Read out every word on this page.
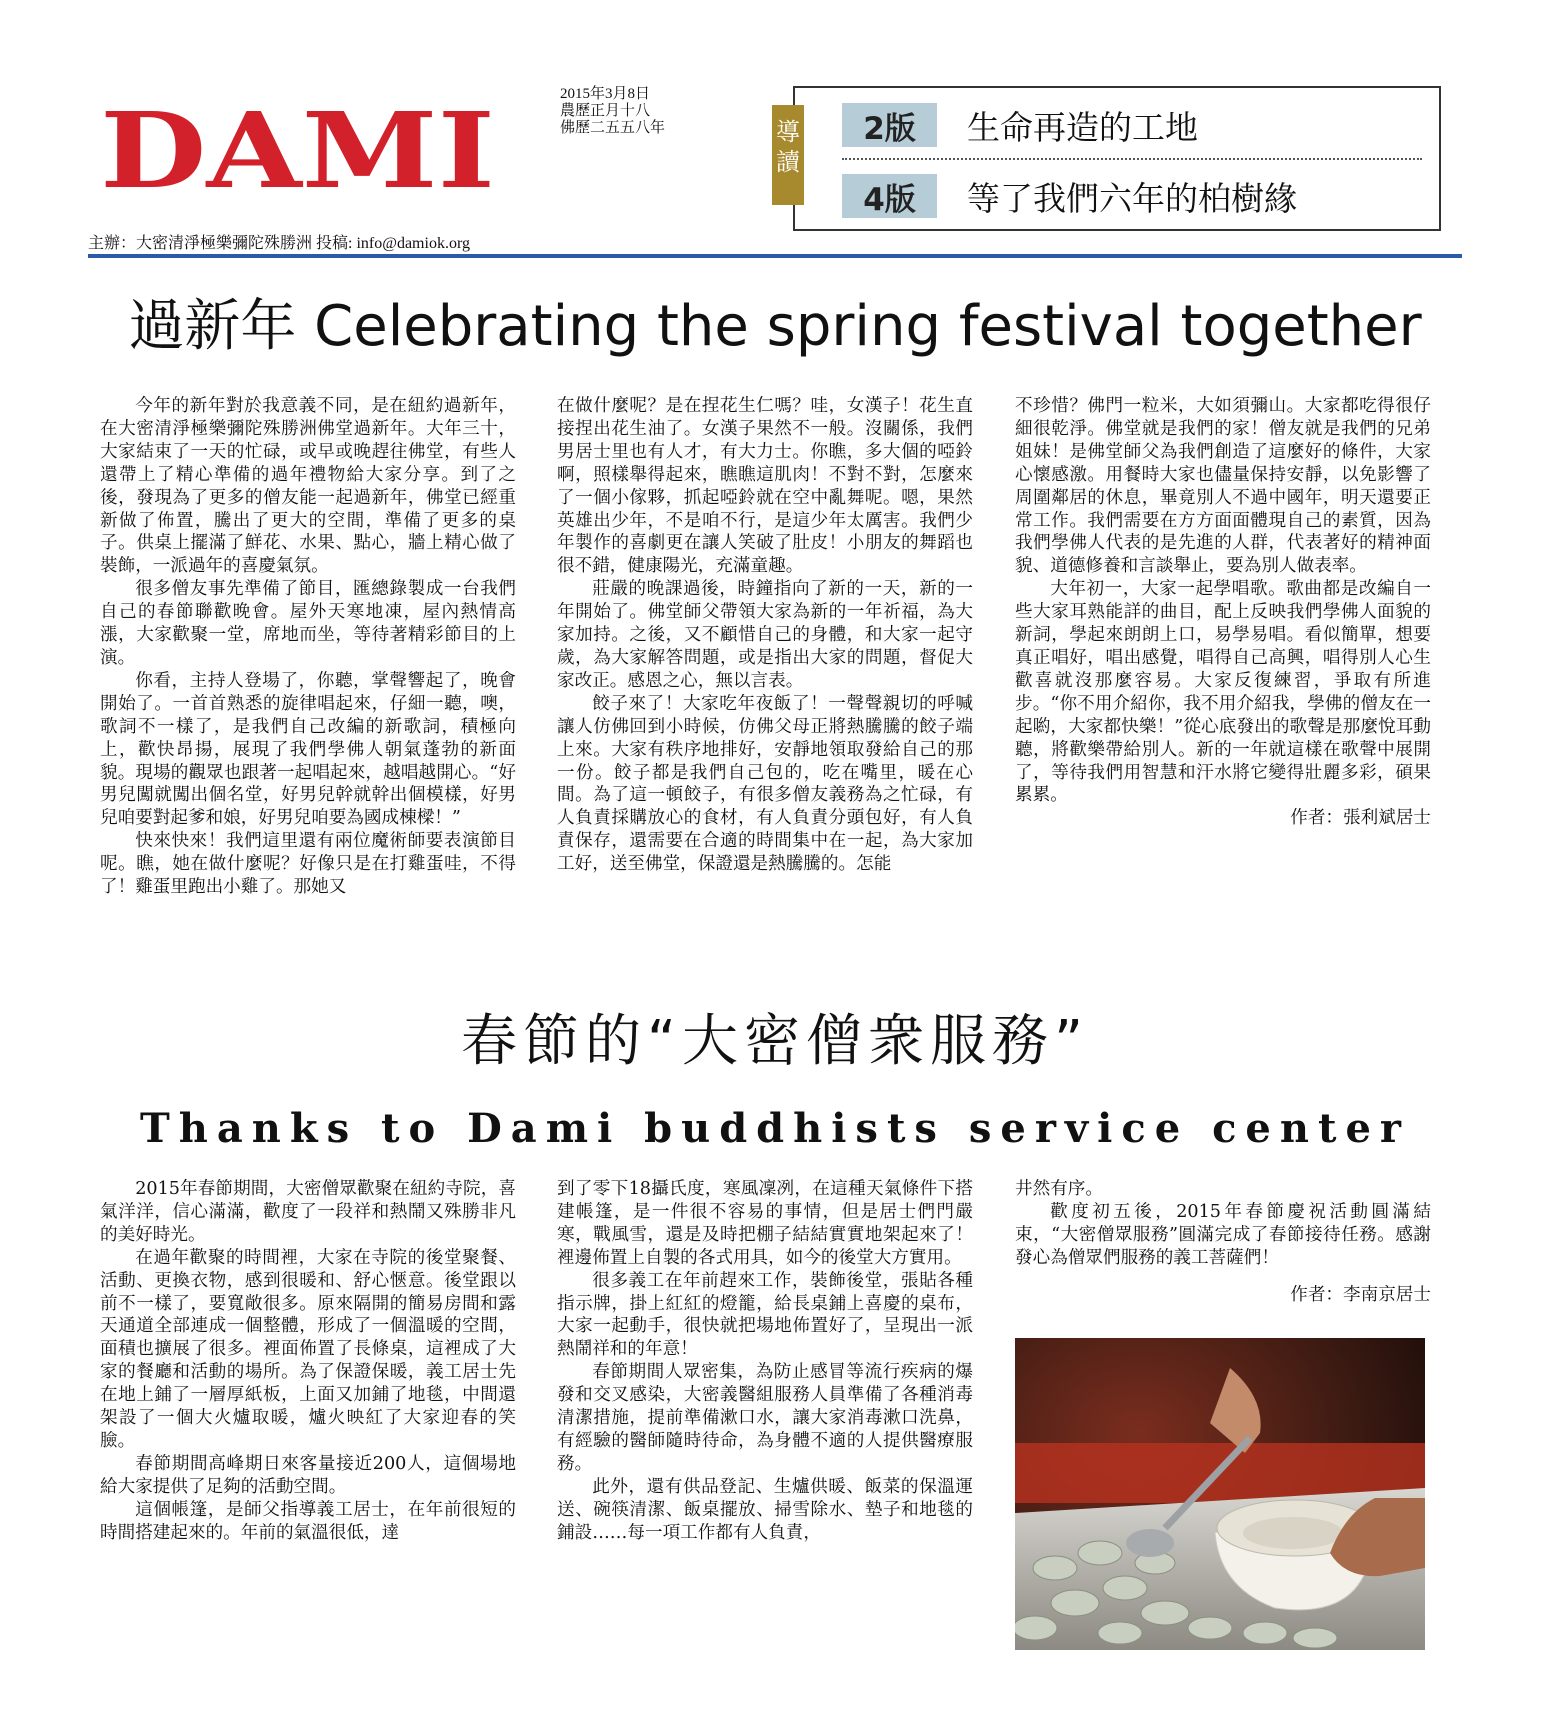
DAMI	2015年3月8日
農歷正月十八
佛歷二五五八年	導
讀
2版	生命再造的工地
4版	等了我們六年的柏樹緣
主辦：大密清淨極樂彌陀殊勝洲 投稿: info@damiok.org
過新年 Celebrating the spring festival together

今年的新年對於我意義不同，是在紐約過新年，在大密清淨極樂彌陀殊勝洲佛堂過新年。大年三十，大家結束了一天的忙碌，或早或晚趕往佛堂，有些人還帶上了精心準備的過年禮物給大家分享。到了之後，發現為了更多的僧友能一起過新年，佛堂已經重新做了佈置，騰出了更大的空間，準備了更多的桌子。供桌上擺滿了鮮花、水果、點心，牆上精心做了裝飾，一派過年的喜慶氣氛。

很多僧友事先準備了節目，匯總錄製成一台我們自己的春節聯歡晚會。屋外天寒地凍，屋內熱情高漲，大家歡聚一堂，席地而坐，等待著精彩節目的上演。

你看，主持人登場了，你聽，掌聲響起了，晚會開始了。一首首熟悉的旋律唱起來，仔細一聽，噢，歌詞不一樣了，是我們自己改編的新歌詞，積極向上，歡快昂揚，展現了我們學佛人朝氣蓬勃的新面貌。現場的觀眾也跟著一起唱起來，越唱越開心。“好男兒闖就闖出個名堂，好男兒幹就幹出個模樣，好男兒咱要對起爹和娘，好男兒咱要為國成棟樑！”

快來快來！我們這里還有兩位魔術師要表演節目呢。瞧，她在做什麼呢？好像只是在打雞蛋哇，不得了！雞蛋里跑出小雞了。那她又

在做什麼呢？是在捏花生仁嗎？哇，女漢子！花生直接捏出花生油了。女漢子果然不一般。沒關係，我們男居士里也有人才，有大力士。你瞧，多大個的啞鈴啊，照樣舉得起來，瞧瞧這肌肉！不對不對，怎麼來了一個小傢夥，抓起啞鈴就在空中亂舞呢。嗯，果然英雄出少年，不是咱不行，是這少年太厲害。我們少年製作的喜劇更在讓人笑破了肚皮！小朋友的舞蹈也很不錯，健康陽光，充滿童趣。

莊嚴的晚課過後，時鐘指向了新的一天，新的一年開始了。佛堂師父帶領大家為新的一年祈福，為大家加持。之後，又不顧惜自己的身體，和大家一起守歲，為大家解答問題，或是指出大家的問題，督促大家改正。感恩之心，無以言表。

餃子來了！大家吃年夜飯了！一聲聲親切的呼喊讓人仿佛回到小時候，仿佛父母正將熱騰騰的餃子端上來。大家有秩序地排好，安靜地領取發給自己的那一份。餃子都是我們自己包的，吃在嘴里，暖在心間。為了這一頓餃子，有很多僧友義務為之忙碌，有人負責採購放心的食材，有人負責分頭包好，有人負責保存，還需要在合適的時間集中在一起，為大家加工好，送至佛堂，保證還是熱騰騰的。怎能

不珍惜？佛門一粒米，大如須彌山。大家都吃得很仔細很乾淨。佛堂就是我們的家！僧友就是我們的兄弟姐妹！是佛堂師父為我們創造了這麼好的條件，大家心懷感激。用餐時大家也儘量保持安靜，以免影響了周圍鄰居的休息，畢竟別人不過中國年，明天還要正常工作。我們需要在方方面面體現自己的素質，因為我們學佛人代表的是先進的人群，代表著好的精神面貌、道德修養和言談舉止，要為別人做表率。

大年初一，大家一起學唱歌。歌曲都是改編自一些大家耳熟能詳的曲目，配上反映我們學佛人面貌的新詞，學起來朗朗上口，易學易唱。看似簡單，想要真正唱好，唱出感覺，唱得自己高興，唱得別人心生歡喜就沒那麼容易。大家反復練習，爭取有所進步。“你不用介紹你，我不用介紹我，學佛的僧友在一起喲，大家都快樂！”從心底發出的歌聲是那麼悅耳動聽，將歡樂帶給別人。新的一年就這樣在歌聲中展開了，等待我們用智慧和汗水將它變得壯麗多彩，碩果累累。

作者：張利斌居士
春節的“大密僧衆服務”
Thanks to Dami buddhists service center

2015年春節期間，大密僧眾歡聚在紐約寺院，喜氣洋洋，信心滿滿，歡度了一段祥和熱鬧又殊勝非凡的美好時光。

在過年歡聚的時間裡，大家在寺院的後堂聚餐、活動、更換衣物，感到很暖和、舒心愜意。後堂跟以前不一樣了，要寬敞很多。原來隔開的簡易房間和露天通道全部連成一個整體，形成了一個溫暖的空間，面積也擴展了很多。裡面佈置了長條桌，這裡成了大家的餐廳和活動的場所。為了保證保暖，義工居士先在地上鋪了一層厚紙板，上面又加鋪了地毯，中間還架設了一個大火爐取暖，爐火映紅了大家迎春的笑臉。

春節期間高峰期日來客量接近200人，這個場地給大家提供了足夠的活動空間。

這個帳篷，是師父指導義工居士，在年前很短的時間搭建起來的。年前的氣溫很低，達

到了零下18攝氏度，寒風凜冽，在這種天氣條件下搭建帳篷，是一件很不容易的事情，但是居士們門嚴寒，戰風雪，還是及時把棚子結結實實地架起來了！裡邊佈置上自製的各式用具，如今的後堂大方實用。

很多義工在年前趕來工作，裝飾後堂，張貼各種指示牌，掛上紅紅的燈籠，給長桌鋪上喜慶的桌布，大家一起動手，很快就把場地佈置好了，呈現出一派熱鬧祥和的年意！

春節期間人眾密集，為防止感冒等流行疾病的爆發和交叉感染，大密義醫組服務人員準備了各種消毒清潔措施，提前準備漱口水，讓大家消毒漱口洗鼻，有經驗的醫師隨時待命，為身體不適的人提供醫療服務。

此外，還有供品登記、生爐供暖、飯菜的保溫運送、碗筷清潔、飯桌擺放、掃雪除水、墊子和地毯的鋪設……每一項工作都有人負責，

井然有序。

歡度初五後，2015年春節慶祝活動圓滿結束，“大密僧眾服務”圓滿完成了春節接待任務。感謝發心為僧眾們服務的義工菩薩們！

作者：李南京居士
